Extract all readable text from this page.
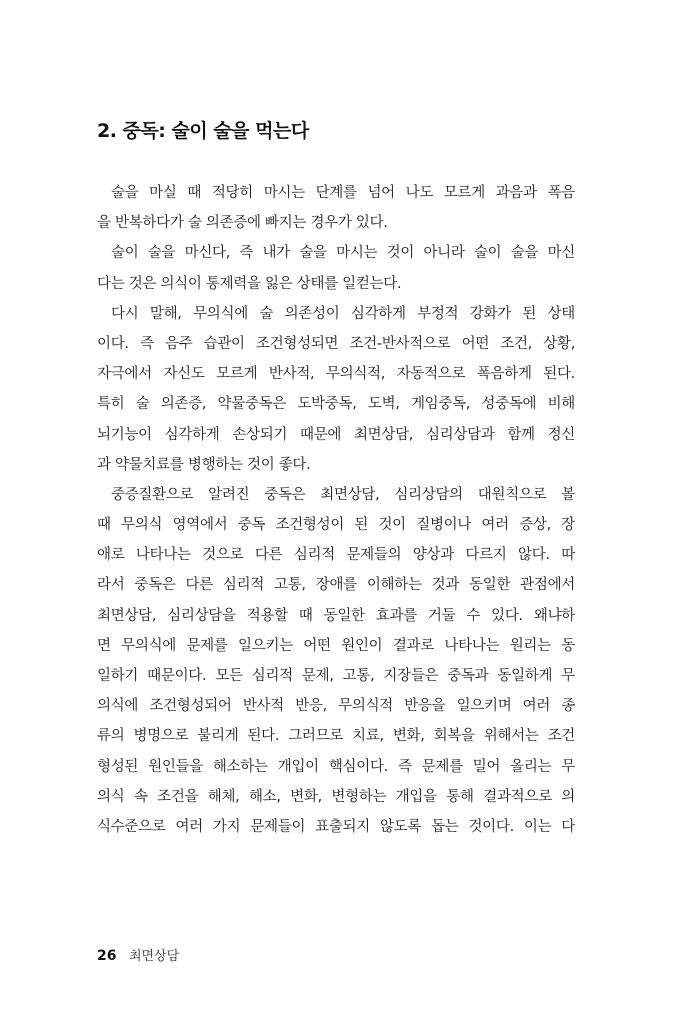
2. 중독: 술이 술을 먹는다
술을 마실 때 적당히 마시는 단계를 넘어 나도 모르게 과음과 폭음
을 반복하다가 술 의존증에 빠지는 경우가 있다.
술이 술을 마신다, 즉 내가 술을 마시는 것이 아니라 술이 술을 마신
다는 것은 의식이 통제력을 잃은 상태를 일컫는다.
다시 말해, 무의식에 술 의존성이 심각하게 부정적 강화가 된 상태
이다. 즉 음주 습관이 조건형성되면 조건-반사적으로 어떤 조건, 상황,
자극에서 자신도 모르게 반사적, 무의식적, 자동적으로 폭음하게 된다.
특히 술 의존증, 약물중독은 도박중독, 도벽, 게임중독, 성중독에 비해
뇌기능이 심각하게 손상되기 때문에 최면상담, 심리상담과 함께 정신
과 약물치료를 병행하는 것이 좋다.
중증질환으로 알려진 중독은 최면상담, 심리상담의 대원칙으로 볼
때 무의식 영역에서 중독 조건형성이 된 것이 질병이나 여러 증상, 장
애로 나타나는 것으로 다른 심리적 문제들의 양상과 다르지 않다. 따
라서 중독은 다른 심리적 고통, 장애를 이해하는 것과 동일한 관점에서
최면상담, 심리상담을 적용할 때 동일한 효과를 거둘 수 있다. 왜냐하
면 무의식에 문제를 일으키는 어떤 원인이 결과로 나타나는 원리는 동
일하기 때문이다. 모든 심리적 문제, 고통, 지장들은 중독과 동일하게 무
의식에 조건형성되어 반사적 반응, 무의식적 반응을 일으키며 여러 종
류의 병명으로 불리게 된다. 그러므로 치료, 변화, 회복을 위해서는 조건
형성된 원인들을 해소하는 개입이 핵심이다. 즉 문제를 밀어 올리는 무
의식 속 조건을 해체, 해소, 변화, 변형하는 개입을 통해 결과적으로 의
식수준으로 여러 가지 문제들이 표출되지 않도록 돕는 것이다. 이는 다
26 최면상담
